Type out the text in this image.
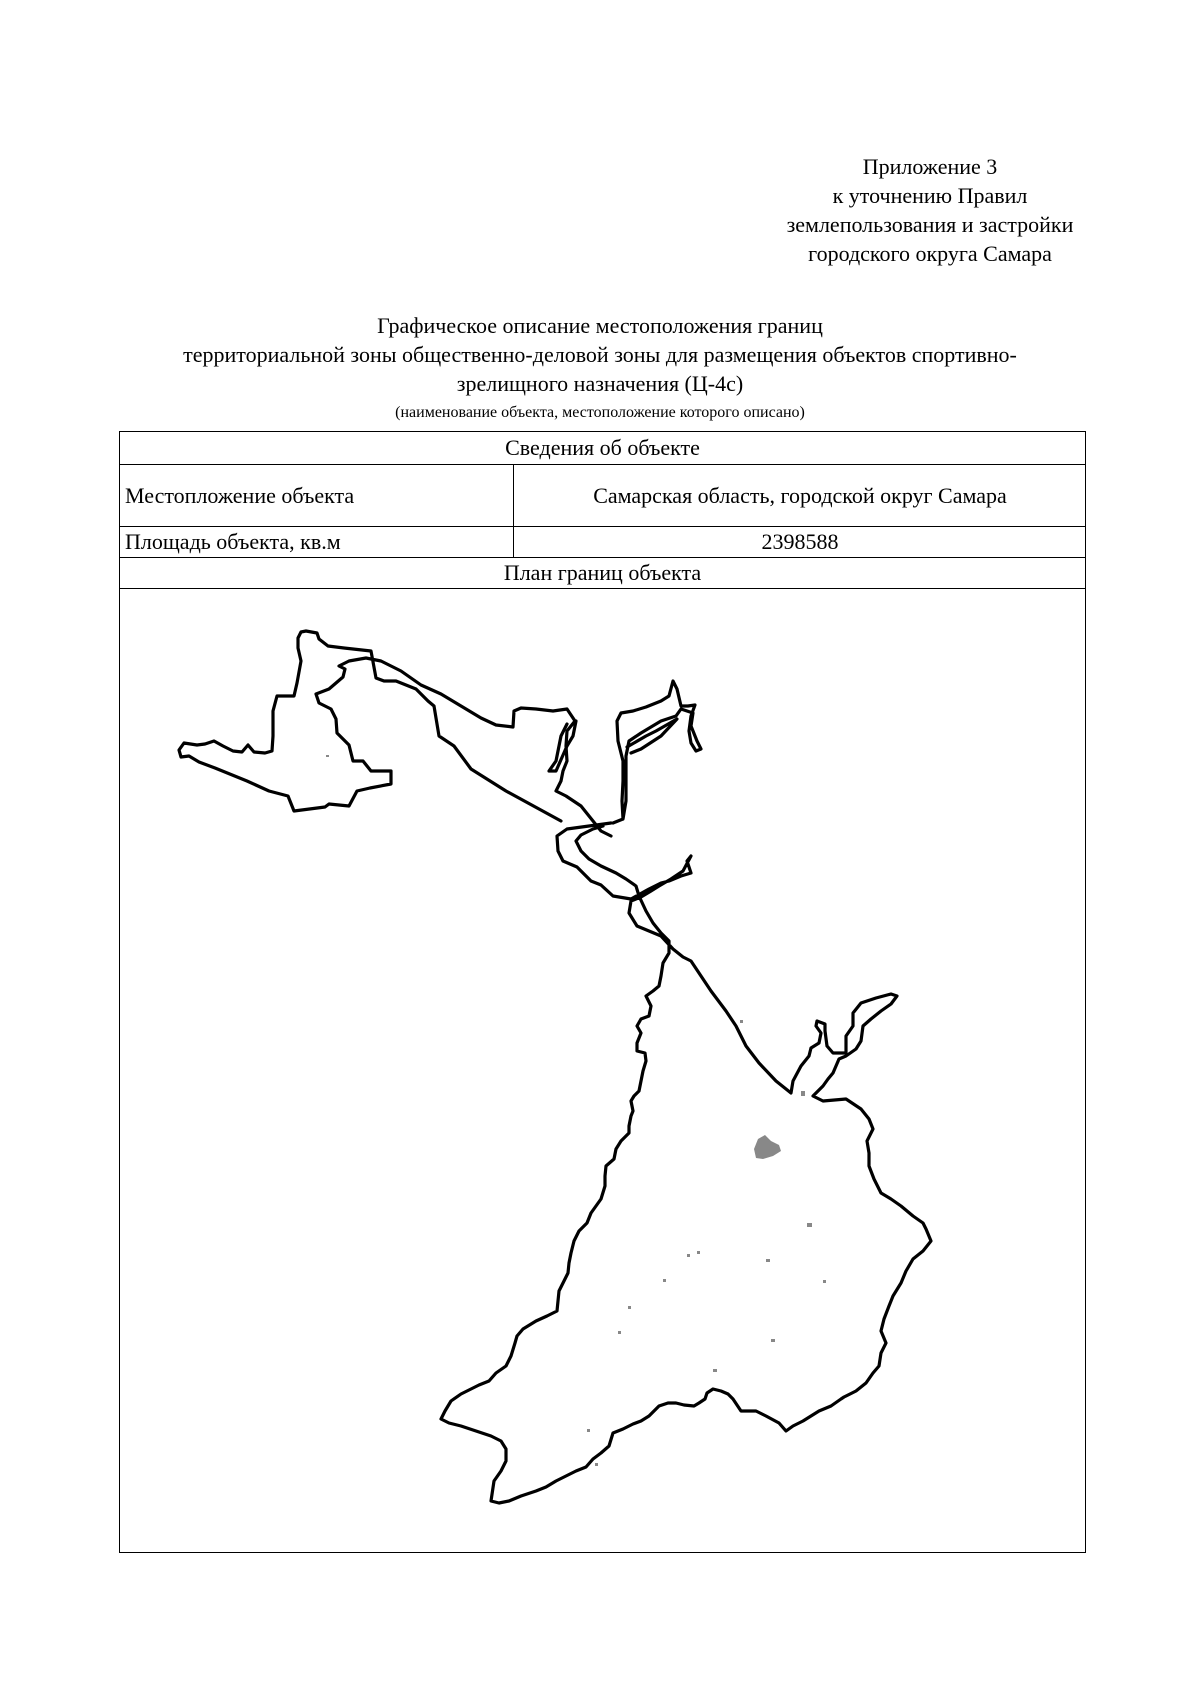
Приложение 3
к уточнению Правил
землепользования и застройки
городского округа Самара
Графическое описание местоположения границ
территориальной зоны общественно-деловой зоны для размещения объектов спортивно-
зрелищного назначения (Ц-4с)
(наименование объекта, местоположение которого описано)
Сведения об объекте
Местопложение объекта	Самарская область, городской округ Самара
Площадь объекта, кв.м	2398588
План границ объекта
